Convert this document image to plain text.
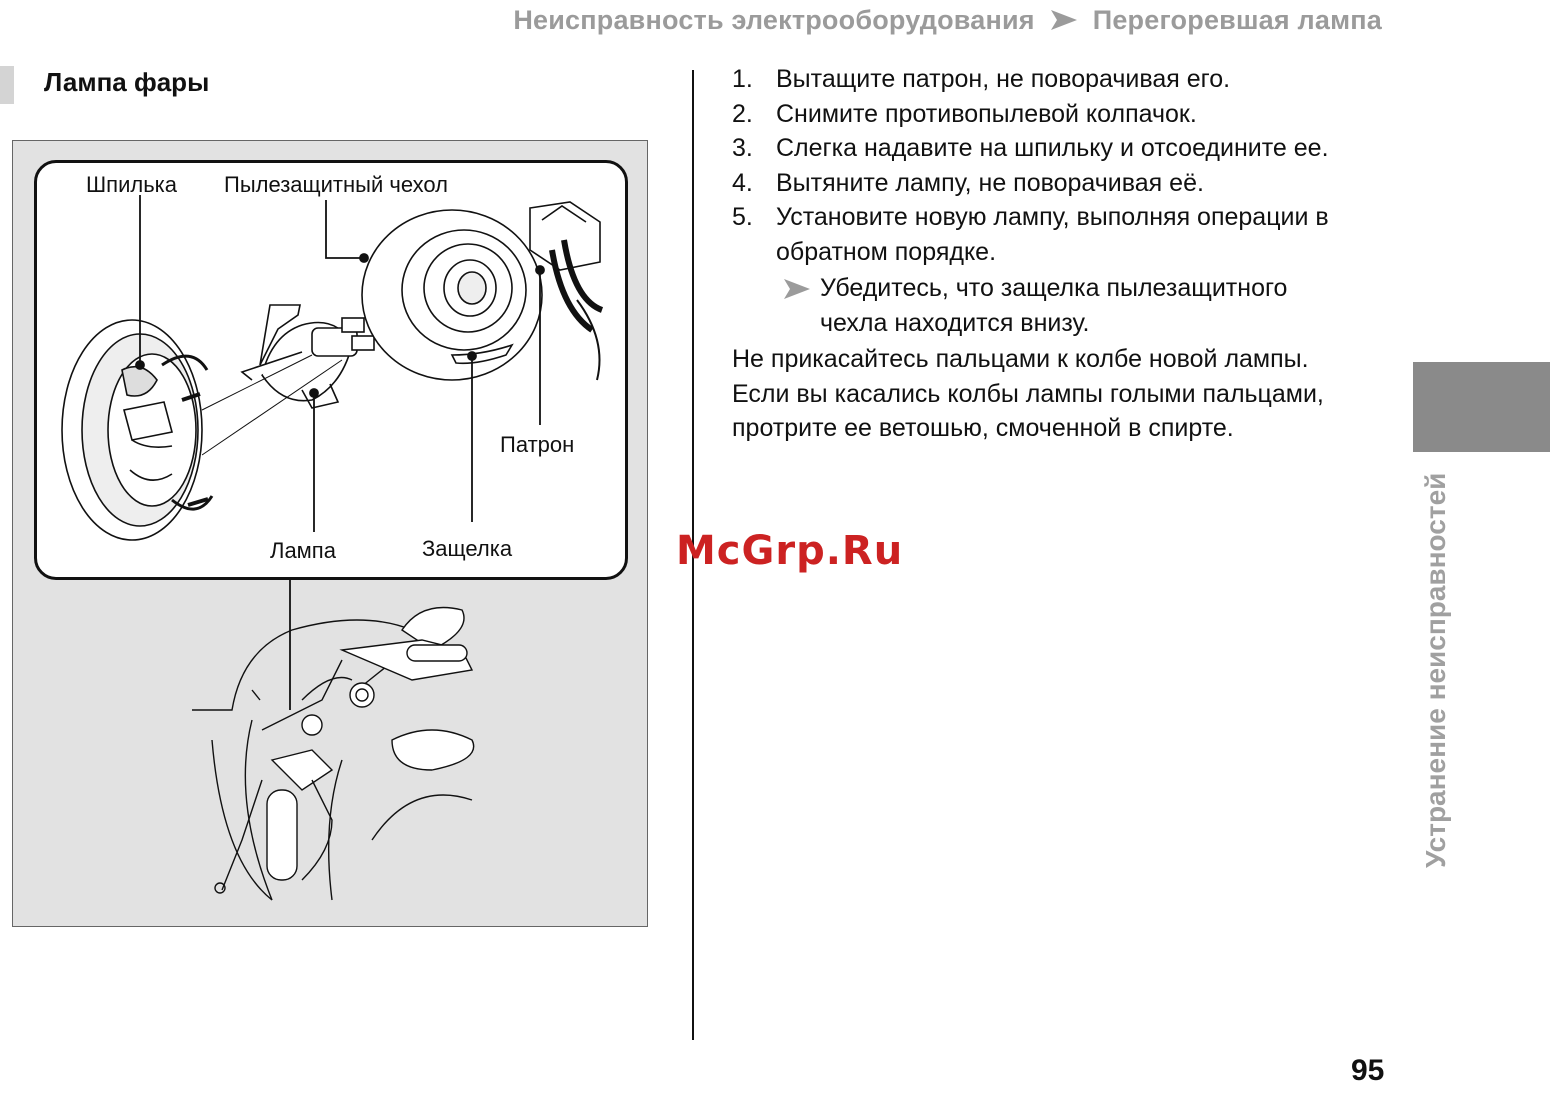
Неисправность электрооборудования Перегоревшая лампа
Лампа фары
Шпилька Пылезащитный чехол
Патрон
Лампа	Защелка
1. Вытащите патрон, не поворачивая его.
2. Снимите противопылевой колпачок.
3. Слегка надавите на шпильку и отсоедините ее.
4. Вытяните лампу, не поворачивая её.
5. Установите новую лампу, выполняя операции в обратном порядке.
Убедитесь, что защелка пылезащитного чехла находится внизу.

Не прикасайтесь пальцами к колбе новой лампы.

Если вы касались колбы лампы голыми пальцами,

протрите ее ветошью, смоченной в спирте.

McGrp.Ru	Устранение неисправностей
95
